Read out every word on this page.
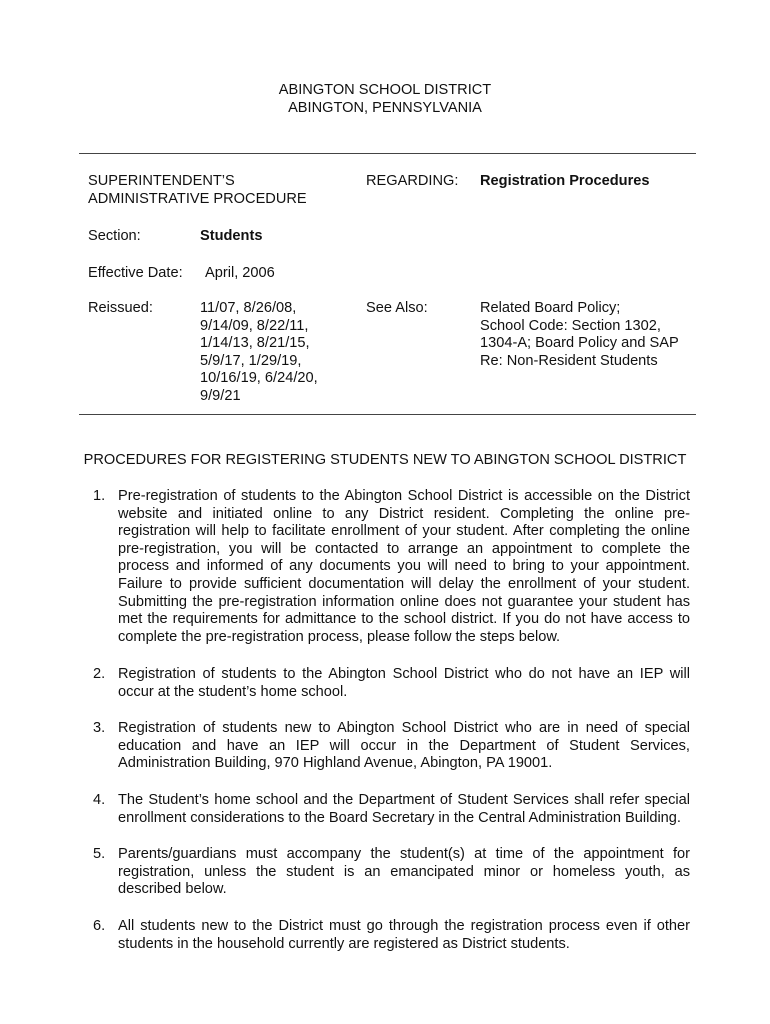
ABINGTON SCHOOL DISTRICT
ABINGTON, PENNSYLVANIA
SUPERINTENDENT’S
ADMINISTRATIVE PROCEDURE
REGARDING: Registration Procedures
Section:	Students
Effective Date: April, 2006
Reissued:	11/07, 8/26/08,
9/14/09, 8/22/11,
1/14/13, 8/21/15,
5/9/17, 1/29/19,
10/16/19, 6/24/20,
9/9/21
See Also:	Related Board Policy;
School Code: Section 1302,
1304-A; Board Policy and SAP
Re: Non-Resident Students
PROCEDURES FOR REGISTERING STUDENTS NEW TO ABINGTON SCHOOL DISTRICT
1. Pre-registration of students to the Abington School District is accessible on the District website and initiated online to any District resident. Completing the online pre-registration will help to facilitate enrollment of your student. After completing the online pre-registration, you will be contacted to arrange an appointment to complete the process and informed of any documents you will need to bring to your appointment. Failure to provide sufficient documentation will delay the enrollment of your student. Submitting the pre-registration information online does not guarantee your student has met the requirements for admittance to the school district. If you do not have access to complete the pre-registration process, please follow the steps below.
2. Registration of students to the Abington School District who do not have an IEP will occur at the student’s home school.
3. Registration of students new to Abington School District who are in need of special education and have an IEP will occur in the Department of Student Services, Administration Building, 970 Highland Avenue, Abington, PA 19001.
4. The Student’s home school and the Department of Student Services shall refer special enrollment considerations to the Board Secretary in the Central Administration Building.
5. Parents/guardians must accompany the student(s) at time of the appointment for registration, unless the student is an emancipated minor or homeless youth, as described below.
6. All students new to the District must go through the registration process even if other students in the household currently are registered as District students.
